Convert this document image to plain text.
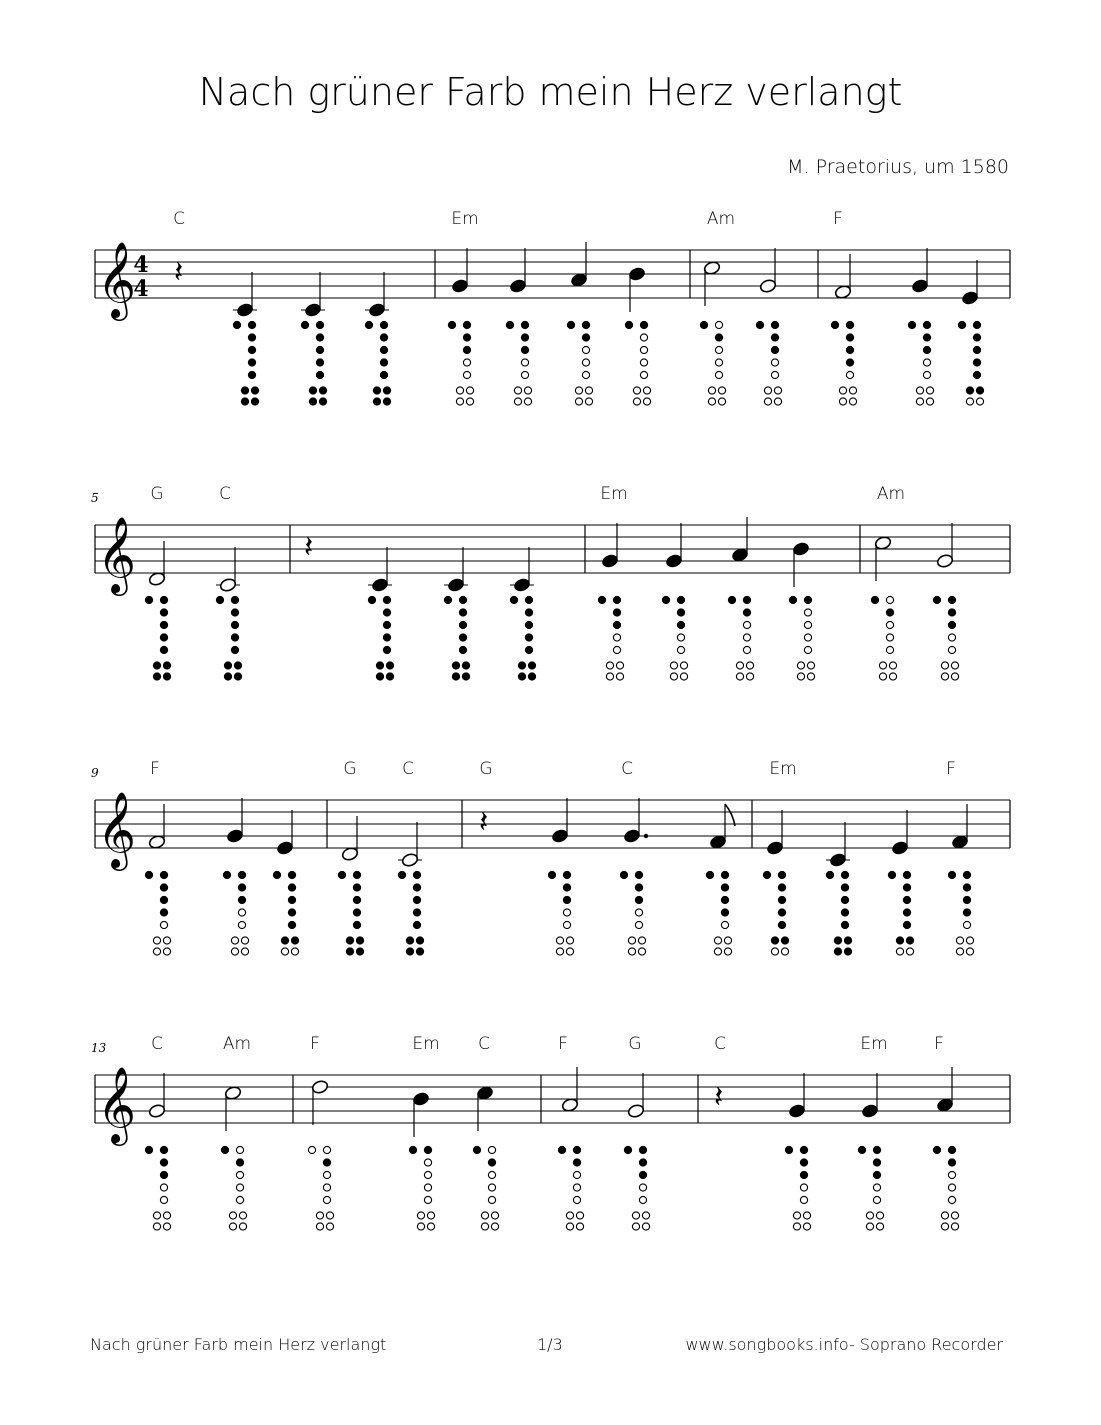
Nach grüner Farb mein Herz verlangt
M. Praetorius, um 1580
𝄞
4
4
C	Em	Am	F
𝄽
𝄞
5	G	C	Em	Am
𝄽
𝄞
9	F	G	C	G	C	Em	F
𝄽
𝄞
13	C	Am	F	Em C	F	G	C	Em	F
𝄽
Nach grüner Farb mein Herz verlangt	1/3	www.songbooks.info- Soprano Recorder
